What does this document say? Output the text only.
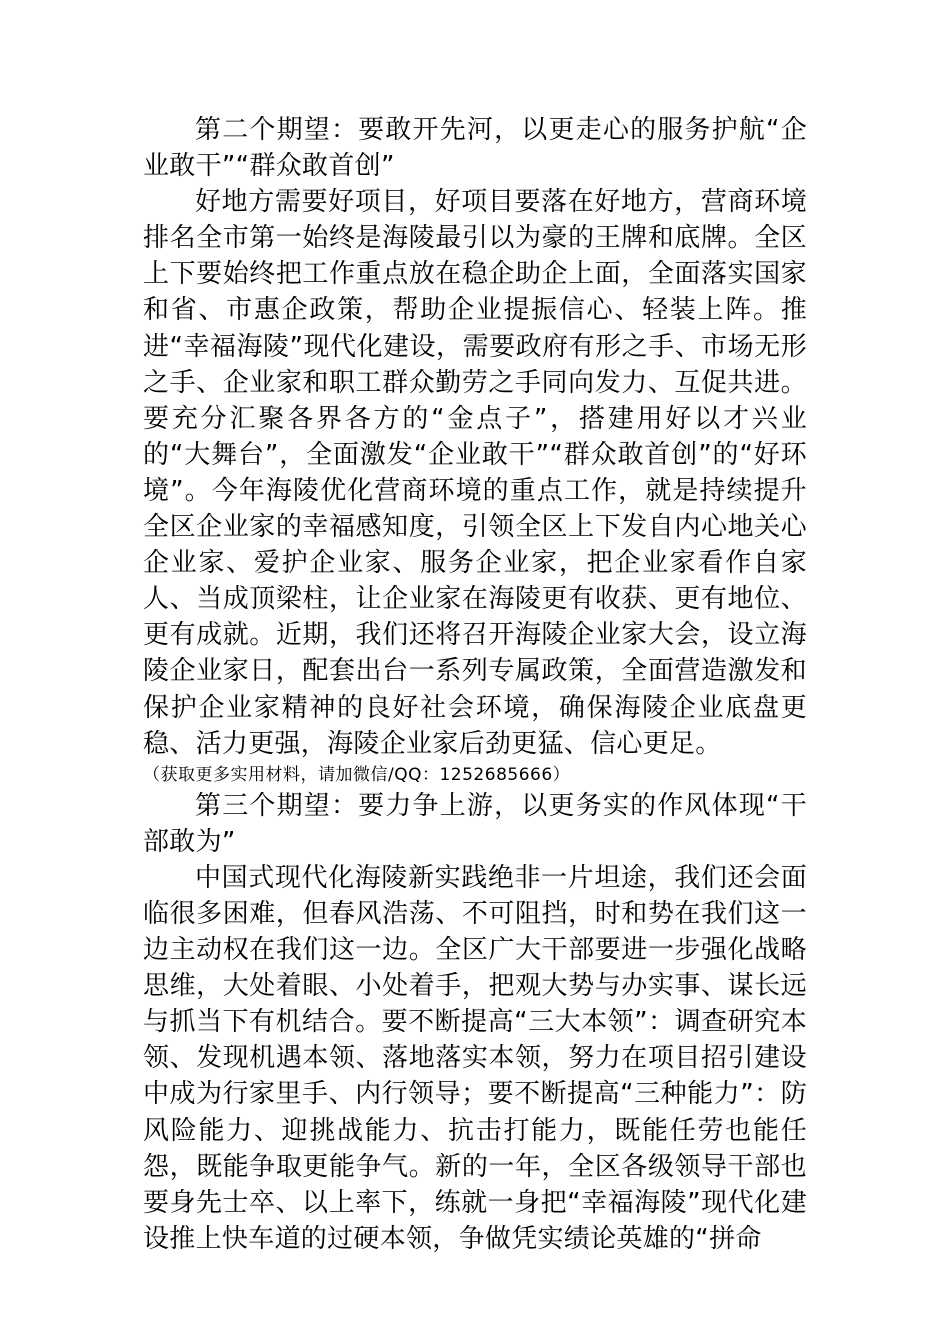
第二个期望：要敢开先河，以更走心的服务护航“企业敢干”“群众敢首创”

好地方需要好项目，好项目要落在好地方，营商环境排名全市第一始终是海陵最引以为豪的王牌和底牌。全区上下要始终把工作重点放在稳企助企上面，全面落实国家和省、市惠企政策，帮助企业提振信心、轻装上阵。推进“幸福海陵”现代化建设，需要政府有形之手、市场无形之手、企业家和职工群众勤劳之手同向发力、互促共进。要充分汇聚各界各方的“金点子”，搭建用好以才兴业的“大舞台”，全面激发“企业敢干”“群众敢首创”的“好环境”。今年海陵优化营商环境的重点工作，就是持续提升全区企业家的幸福感知度，引领全区上下发自内心地关心企业家、爱护企业家、服务企业家，把企业家看作自家人、当成顶梁柱，让企业家在海陵更有收获、更有地位、更有成就。近期，我们还将召开海陵企业家大会，设立海陵企业家日，配套出台一系列专属政策，全面营造激发和保护企业家精神的良好社会环境，确保海陵企业底盘更稳、活力更强，海陵企业家后劲更猛、信心更足。

（获取更多实用材料，请加微信/QQ：1252685666）

第三个期望：要力争上游，以更务实的作风体现“干部敢为”

中国式现代化海陵新实践绝非一片坦途，我们还会面临很多困难，但春风浩荡、不可阻挡，时和势在我们这一边主动权在我们这一边。全区广大干部要进一步强化战略思维，大处着眼、小处着手，把观大势与办实事、谋长远与抓当下有机结合。要不断提高“三大本领”：调查研究本领、发现机遇本领、落地落实本领，努力在项目招引建设中成为行家里手、内行领导；要不断提高“三种能力”：防风险能力、迎挑战能力、抗击打能力，既能任劳也能任怨，既能争取更能争气。新的一年，全区各级领导干部也要身先士卒、以上率下，练就一身把“幸福海陵”现代化建设推上快车道的过硬本领，争做凭实绩论英雄的“拼命
